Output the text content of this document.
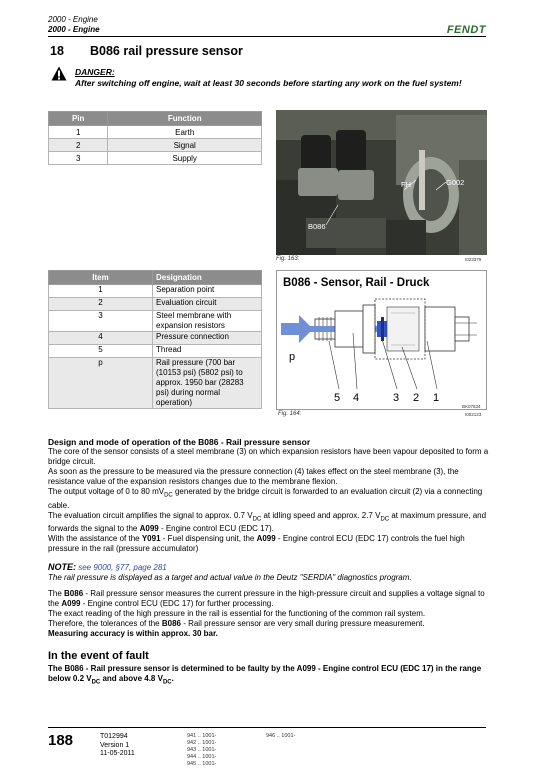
2000 - Engine
2000 - Engine	FENDT
18 B086 rail pressure sensor
DANGER:
After switching off engine, wait at least 30 seconds before starting any work on the fuel system!
Pin	Function
1	Earth
2	Signal
3	Supply
FH	G002
B086
Fig. 163:	I023379
Item	Designation
1	Separation point
2	Evaluation circuit
3	Steel membrane with expansion resistors
4	Pressure connection
5	Thread
p	Rail pressure (700 bar (10153 psi) (5802 psi) to approx. 1950 bar (28283 psi) during normal operation)
B086 - Sensor, Rail - Druck
p
5 4	3 2 1
Fig. 164:
BK07534
I002123
Design and mode of operation of the B086 - Rail pressure sensor
The core of the sensor consists of a steel membrane (3) on which expansion resistors have been vapour deposited to form a bridge circuit.
As soon as the pressure to be measured via the pressure connection (4) takes effect on the steel membrane (3), the resistance value of the expansion resistors changes due to the membrane flexion.
The output voltage of 0 to 80 $mV_{DC}$ generated by the bridge circuit is forwarded to an evaluation circuit (2) via a connecting cable.
The evaluation circuit amplifies the signal to approx. 0.7 $V_{DC}$ at idling speed and approx. 2.7 $V_{DC}$ at maximum pressure, and forwards the signal to the A099 - Engine control ECU (EDC 17).
With the assistance of the Y091 - Fuel dispensing unit, the A099 - Engine control ECU (EDC 17) controls the fuel high pressure in the rail (pressure accumulator)
NOTE: see 9000, §77, page 281
The rail pressure is displayed as a target and actual value in the Deutz "SERDIA" diagnostics program.
The B086 - Rail pressure sensor measures the current pressure in the high-pressure circuit and supplies a voltage signal to the A099 - Engine control ECU (EDC 17) for further processing.
The exact reading of the high pressure in the rail is essential for the functioning of the common rail system.
Therefore, the tolerances of the B086 - Rail pressure sensor are very small during pressure measurement.
Measuring accuracy is within approx. 30 bar.
In the event of fault
The B086 - Rail pressure sensor is determined to be faulty by the A099 - Engine control ECU (EDC 17) in the range below 0.2 $V_{DC}$ and above 4.8 $V_{DC}$.
188	T012994
Version 1
11-05-2011
941 .. 1001-
942 .. 1001-
943 .. 1001-
944 .. 1001-
945 .. 1001-
946 .. 1001-
